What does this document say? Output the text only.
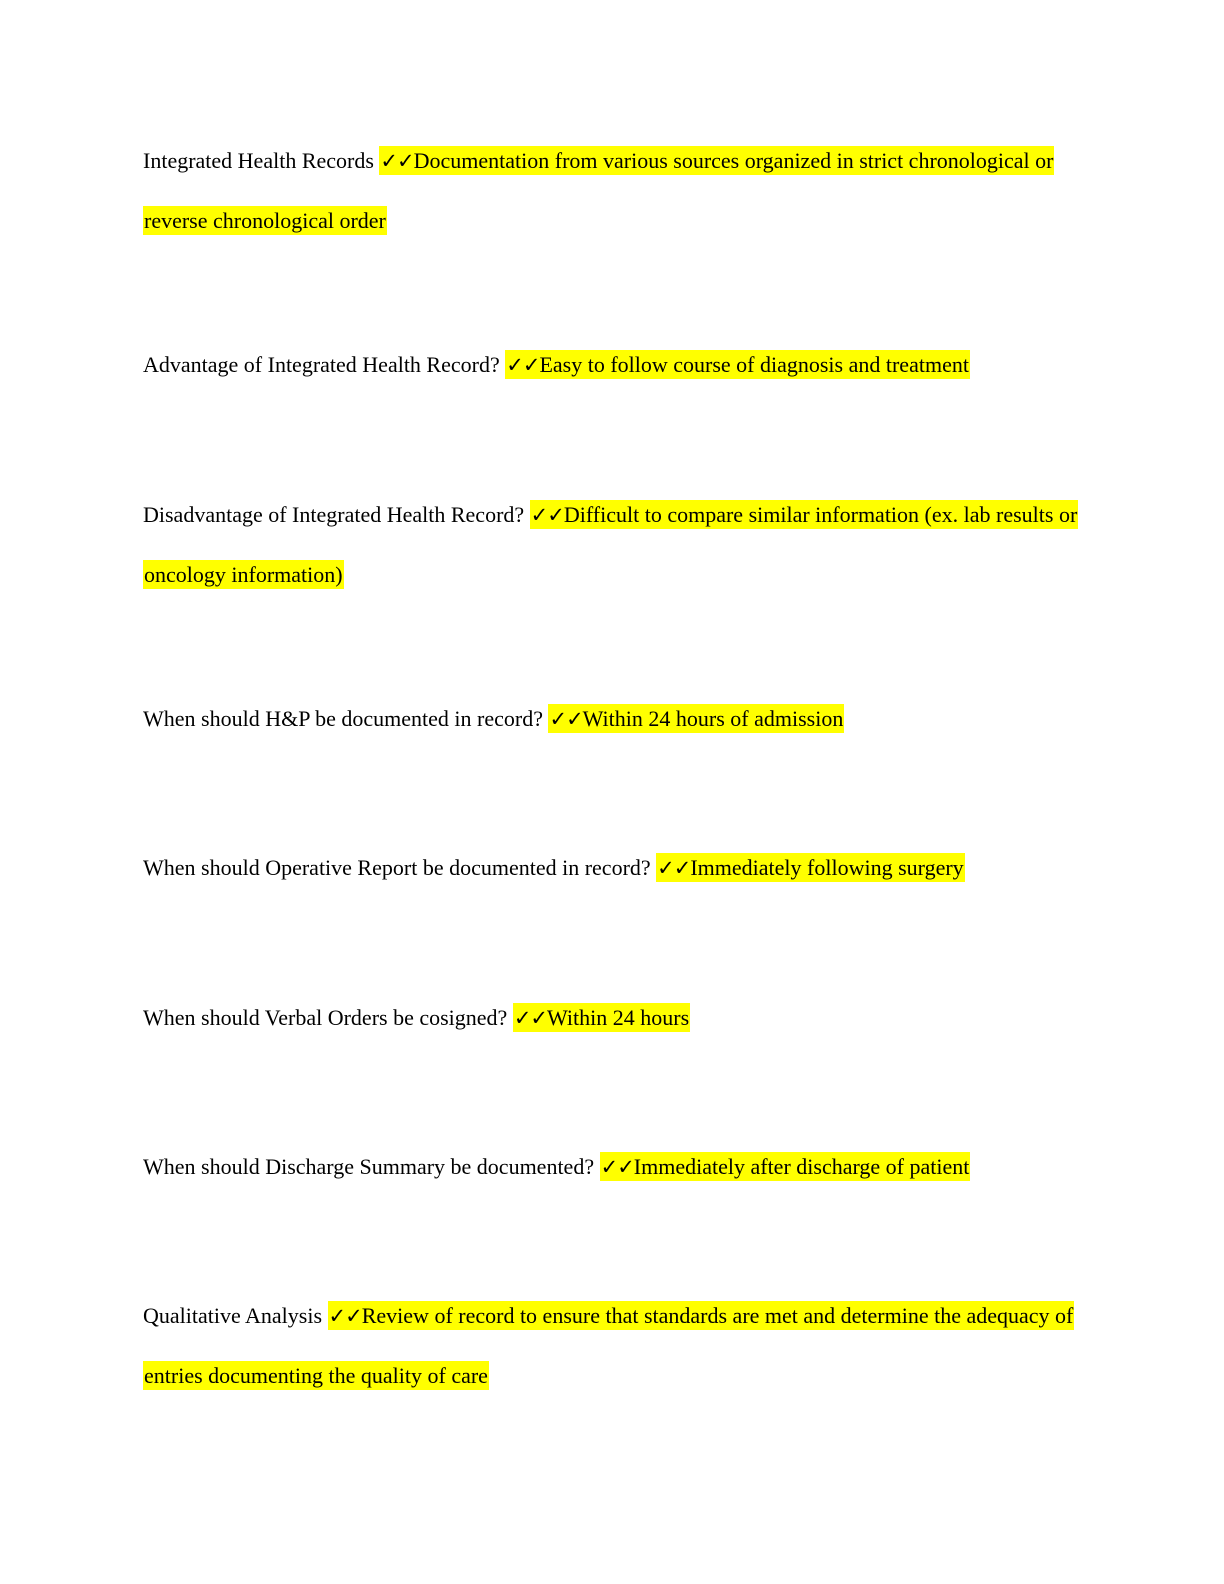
Integrated Health Records ✓✓Documentation from various sources organized in strict chronological or reverse chronological order

Advantage of Integrated Health Record? ✓✓Easy to follow course of diagnosis and treatment

Disadvantage of Integrated Health Record? ✓✓Difficult to compare similar information (ex. lab results or oncology information)

When should H&P be documented in record? ✓✓Within 24 hours of admission

When should Operative Report be documented in record? ✓✓Immediately following surgery

When should Verbal Orders be cosigned? ✓✓Within 24 hours

When should Discharge Summary be documented? ✓✓Immediately after discharge of patient

Qualitative Analysis ✓✓Review of record to ensure that standards are met and determine the adequacy of entries documenting the quality of care
